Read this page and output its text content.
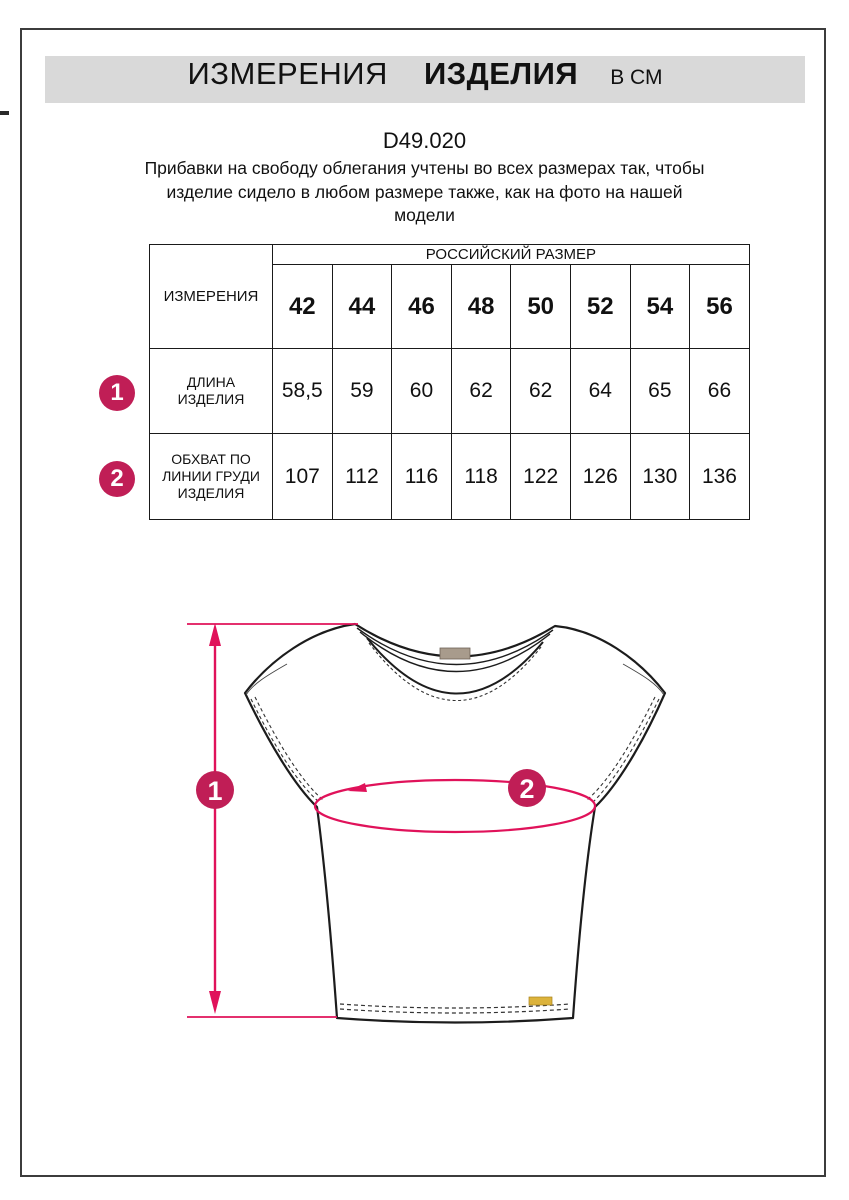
ИЗМЕРЕНИЯ ИЗДЕЛИЯ В СМ
D49.020
Прибавки на свободу облегания учтены во всех размерах так, чтобы
изделие сидело в любом размере также, как на фото на нашей
модели
ИЗМЕРЕНИЯ	РОССИЙСКИЙ РАЗМЕР							
	42	44	46	48	50	52	54	56
ДЛИНА ИЗДЕЛИЯ	58,5	59	60	62	62	64	65	66
ОБХВАТ ПО ЛИНИИ ГРУДИ ИЗДЕЛИЯ	107	112	116	118	122	126	130	136
1
2
1	2
